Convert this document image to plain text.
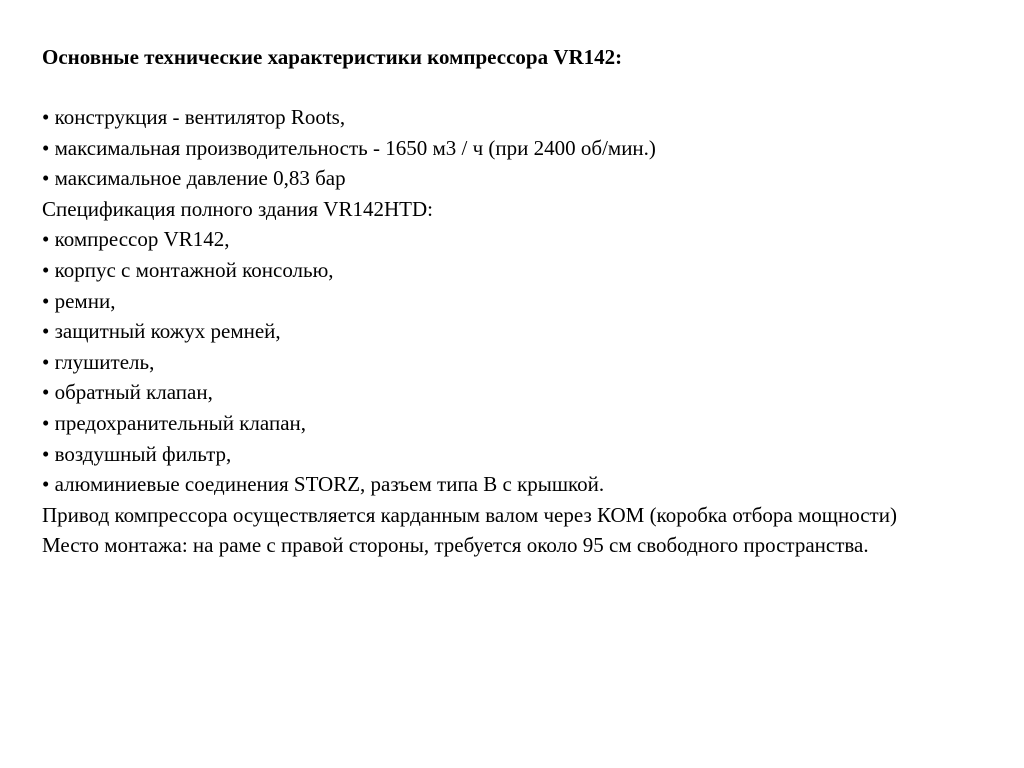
Основные технические характеристики компрессора VR142:

• конструкция - вентилятор Roots,

• максимальная производительность - 1650 м3 / ч (при 2400 об/мин.)

• максимальное давление 0,83 бар

Спецификация полного здания VR142HTD:

• компрессор VR142,

• корпус с монтажной консолью,

• ремни,

• защитный кожух ремней,

• глушитель,

• обратный клапан,

• предохранительный клапан,

• воздушный фильтр,

• алюминиевые соединения STORZ, разъем типа B с крышкой.

Привод компрессора осуществляется карданным валом через КОМ (коробка отбора мощности)

Место монтажа: на раме с правой стороны, требуется около 95 см свободного пространства.
